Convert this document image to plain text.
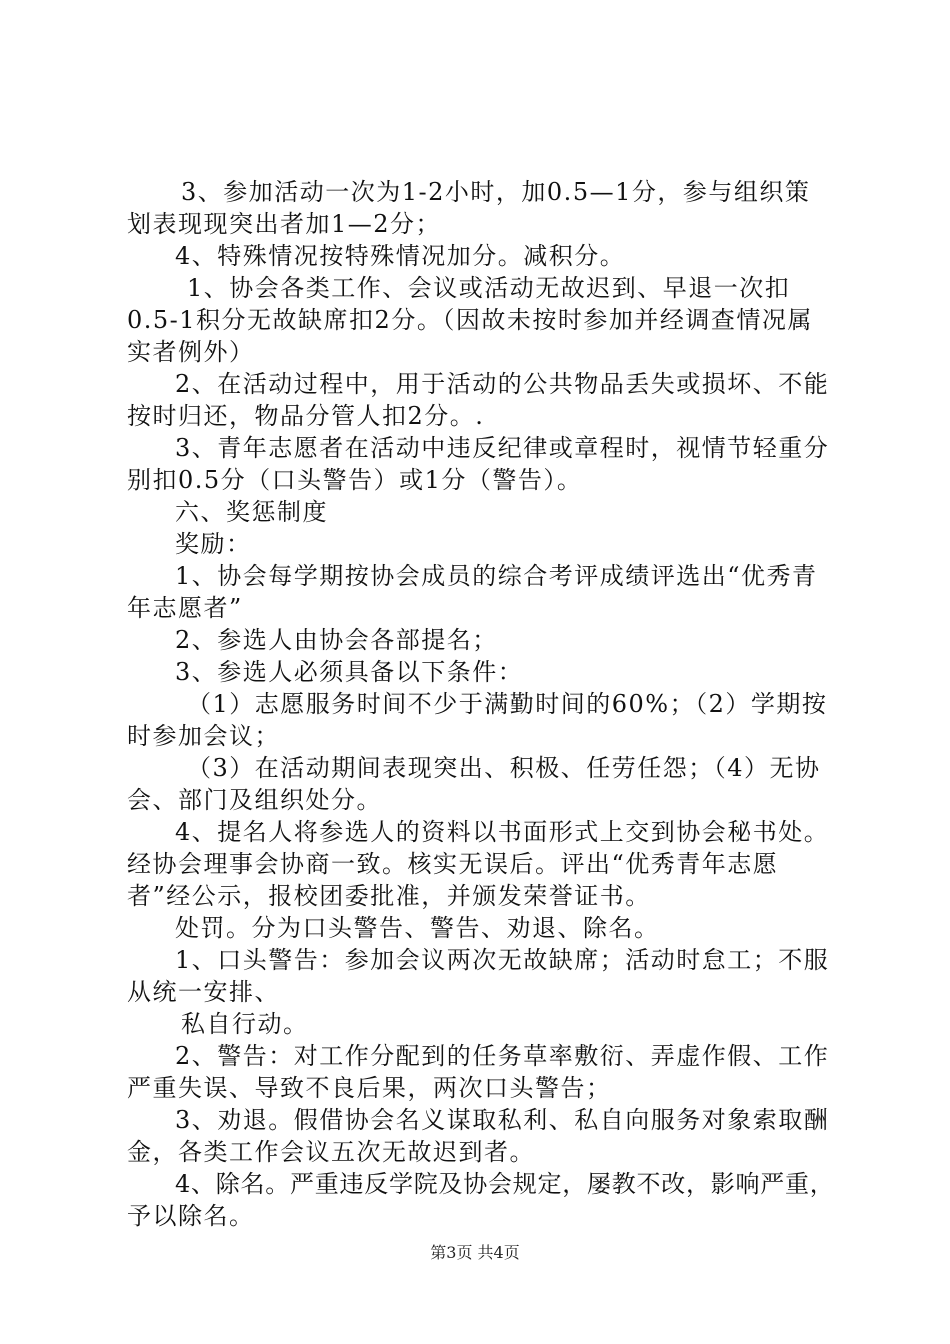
3、参加活动一次为1-2小时，加0.5—1分，参与组织策
划表现现突出者加1—2分；
4、特殊情况按特殊情况加分。减积分。
1、协会各类工作、会议或活动无故迟到、早退一次扣
0.5-1积分无故缺席扣2分。（因故未按时参加并经调查情况属
实者例外）
2、在活动过程中，用于活动的公共物品丢失或损坏、不能
按时归还，物品分管人扣2分。.
3、青年志愿者在活动中违反纪律或章程时，视情节轻重分
别扣0.5分（口头警告）或1分（警告）。
六、奖惩制度
奖励：
1、协会每学期按协会成员的综合考评成绩评选出“优秀青
年志愿者”
2、参选人由协会各部提名；
3、参选人必须具备以下条件：
（1）志愿服务时间不少于满勤时间的60%；（2）学期按
时参加会议；
（3）在活动期间表现突出、积极、任劳任怨；（4）无协
会、部门及组织处分。
4、提名人将参选人的资料以书面形式上交到协会秘书处。
经协会理事会协商一致。核实无误后。评出“优秀青年志愿
者”经公示，报校团委批准，并颁发荣誉证书。
处罚。分为口头警告、警告、劝退、除名。
1、口头警告：参加会议两次无故缺席；活动时怠工；不服
从统一安排、
私自行动。
2、警告：对工作分配到的任务草率敷衍、弄虚作假、工作
严重失误、导致不良后果，两次口头警告；
3、劝退。假借协会名义谋取私利、私自向服务对象索取酬
金，各类工作会议五次无故迟到者。
4、除名。严重违反学院及协会规定，屡教不改，影响严重，
予以除名。
第3页 共4页
